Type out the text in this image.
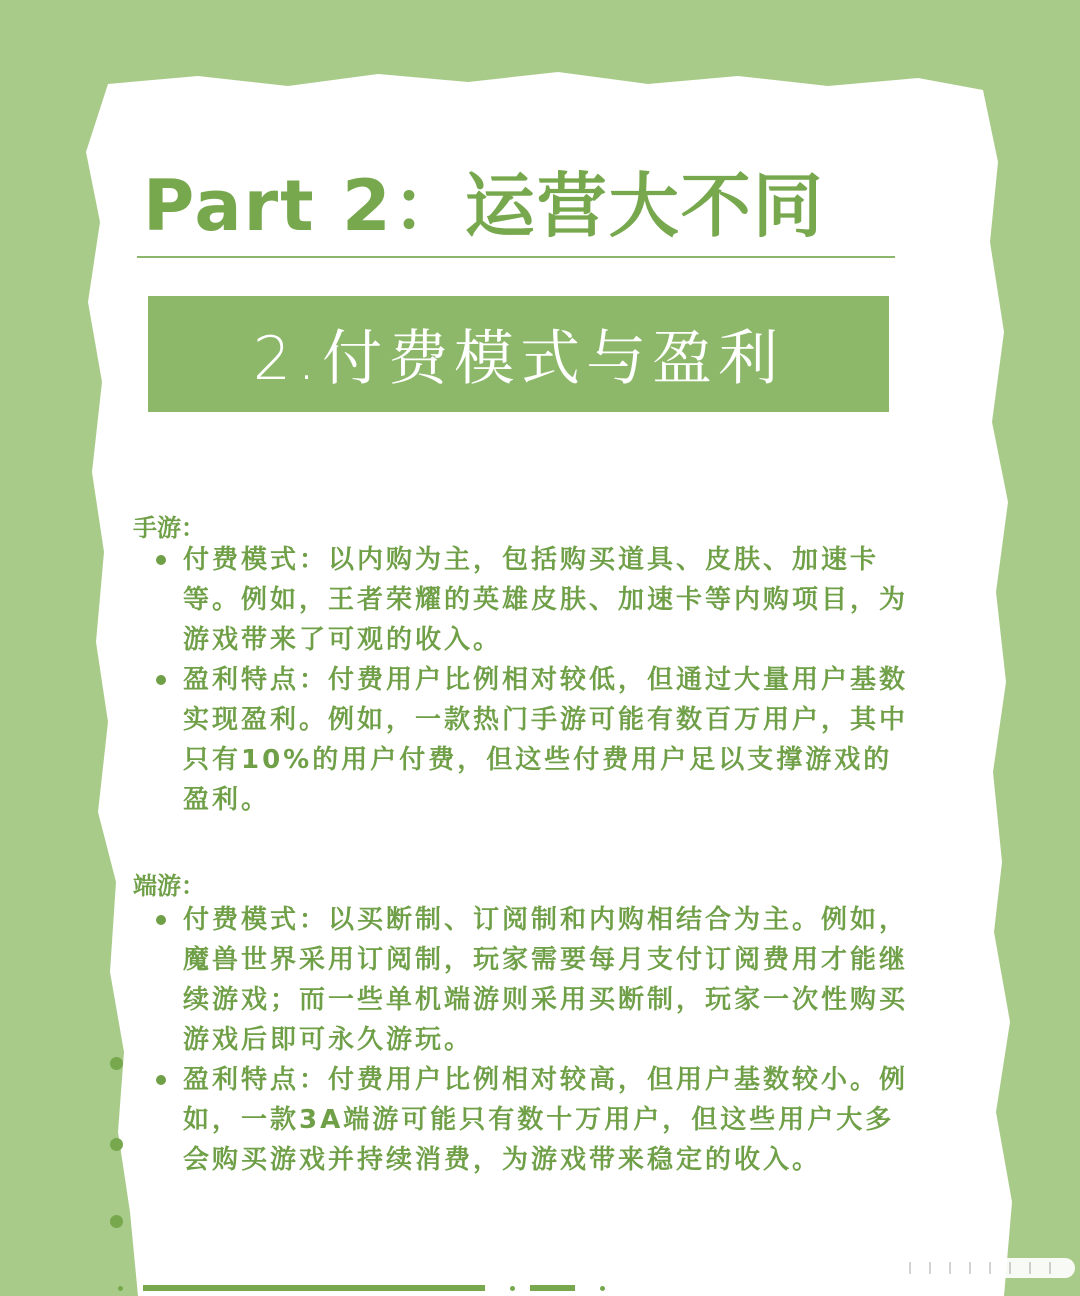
Part 2：运营大不同
2.付费模式与盈利

手游：

付费模式：以内购为主，包括购买道具、皮肤、加速卡等。例如，王者荣耀的英雄皮肤、加速卡等内购项目，为游戏带来了可观的收入。
盈利特点：付费用户比例相对较低，但通过大量用户基数实现盈利。例如，一款热门手游可能有数百万用户，其中只有10%的用户付费，但这些付费用户足以支撑游戏的盈利。

端游：

付费模式：以买断制、订阅制和内购相结合为主。例如，魔兽世界采用订阅制，玩家需要每月支付订阅费用才能继续游戏；而一些单机端游则采用买断制，玩家一次性购买游戏后即可永久游玩。
盈利特点：付费用户比例相对较高，但用户基数较小。例如，一款3A端游可能只有数十万用户，但这些用户大多会购买游戏并持续消费，为游戏带来稳定的收入。
